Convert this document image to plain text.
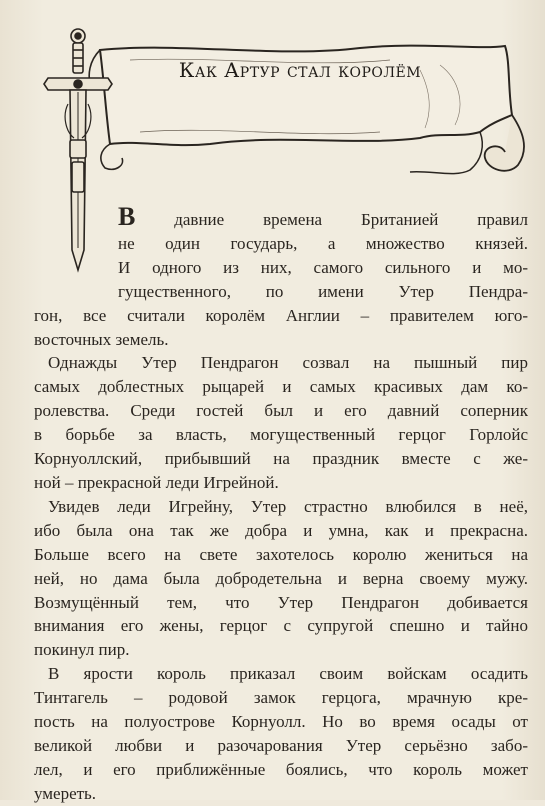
Как Артур стал королём
В давние времена Британией правил
не один государь, а множество князей.
И одного из них, самого сильного и мо-
гущественного, по имени Утер Пендра-
гон, все считали королём Англии – правителем юго-
восточных земель.
Однажды Утер Пендрагон созвал на пышный пир
самых доблестных рыцарей и самых красивых дам ко-
ролевства. Среди гостей был и его давний соперник
в борьбе за власть, могущественный герцог Горлойс
Корнуоллский, прибывший на праздник вместе с же-
ной – прекрасной леди Игрейной.
Увидев леди Игрейну, Утер страстно влюбился в неё,
ибо была она так же добра и умна, как и прекрасна.
Больше всего на свете захотелось королю жениться на
ней, но дама была добродетельна и верна своему мужу.
Возмущённый тем, что Утер Пендрагон добивается
внимания его жены, герцог с супругой спешно и тайно
покинул пир.
В ярости король приказал своим войскам осадить
Тинтагель – родовой замок герцога, мрачную кре-
пость на полуострове Корнуолл. Но во время осады от
великой любви и разочарования Утер серьёзно забо-
лел, и его приближённые боялись, что король может
умереть.
